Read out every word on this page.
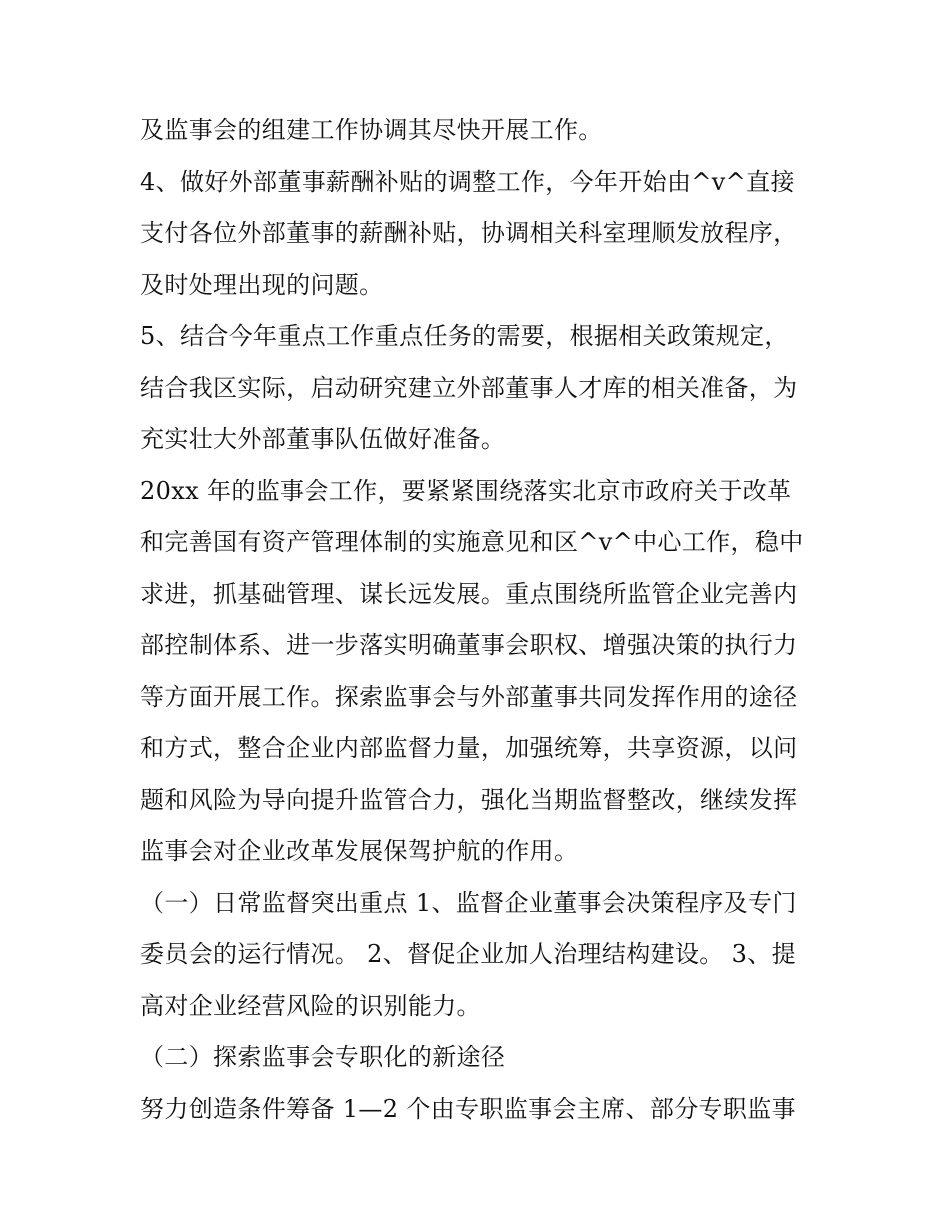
及监事会的组建工作协调其尽快开展工作。
4、做好外部董事薪酬补贴的调整工作，今年开始由^v^直接
支付各位外部董事的薪酬补贴，协调相关科室理顺发放程序，
及时处理出现的问题。
5、结合今年重点工作重点任务的需要，根据相关政策规定，
结合我区实际，启动研究建立外部董事人才库的相关准备，为
充实壮大外部董事队伍做好准备。
20xx 年的监事会工作，要紧紧围绕落实北京市政府关于改革
和完善国有资产管理体制的实施意见和区^v^中心工作，稳中
求进，抓基础管理、谋长远发展。重点围绕所监管企业完善内
部控制体系、进一步落实明确董事会职权、增强决策的执行力
等方面开展工作。探索监事会与外部董事共同发挥作用的途径
和方式，整合企业内部监督力量，加强统筹，共享资源，以问
题和风险为导向提升监管合力，强化当期监督整改，继续发挥
监事会对企业改革发展保驾护航的作用。
（一）日常监督突出重点 1、监督企业董事会决策程序及专门
委员会的运行情况。 2、督促企业加人治理结构建设。 3、提
高对企业经营风险的识别能力。
（二）探索监事会专职化的新途径
努力创造条件筹备 1—2 个由专职监事会主席、部分专职监事
